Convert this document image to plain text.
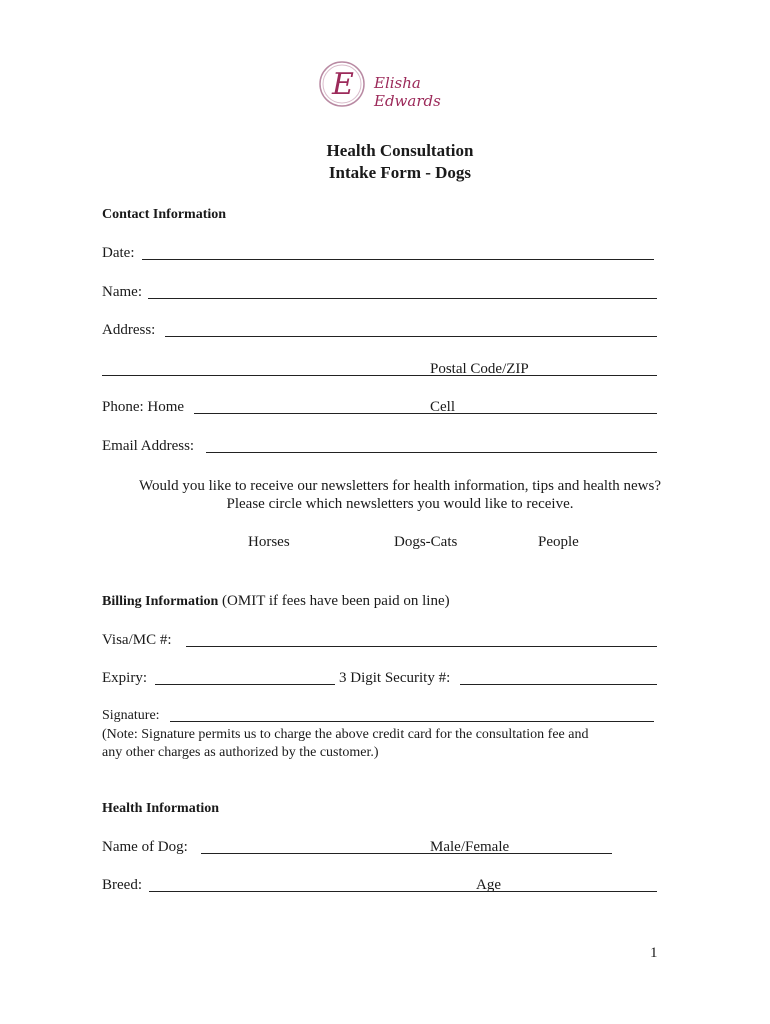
E Elisha Edwards
Health Consultation
Intake Form - Dogs
Contact Information
Date:
Name:
Address:
Postal Code/ZIP
Phone: Home	Cell
Email Address:
Would you like to receive our newsletters for health information, tips and health news?
Please circle which newsletters you would like to receive.
Horses	Dogs-Cats	People
Billing Information (OMIT if fees have been paid on line)
Visa/MC #:
Expiry:	3 Digit Security #:
Signature:
(Note: Signature permits us to charge the above credit card for the consultation fee and
any other charges as authorized by the customer.)
Health Information
Name of Dog:	Male/Female
Breed:	Age
1
